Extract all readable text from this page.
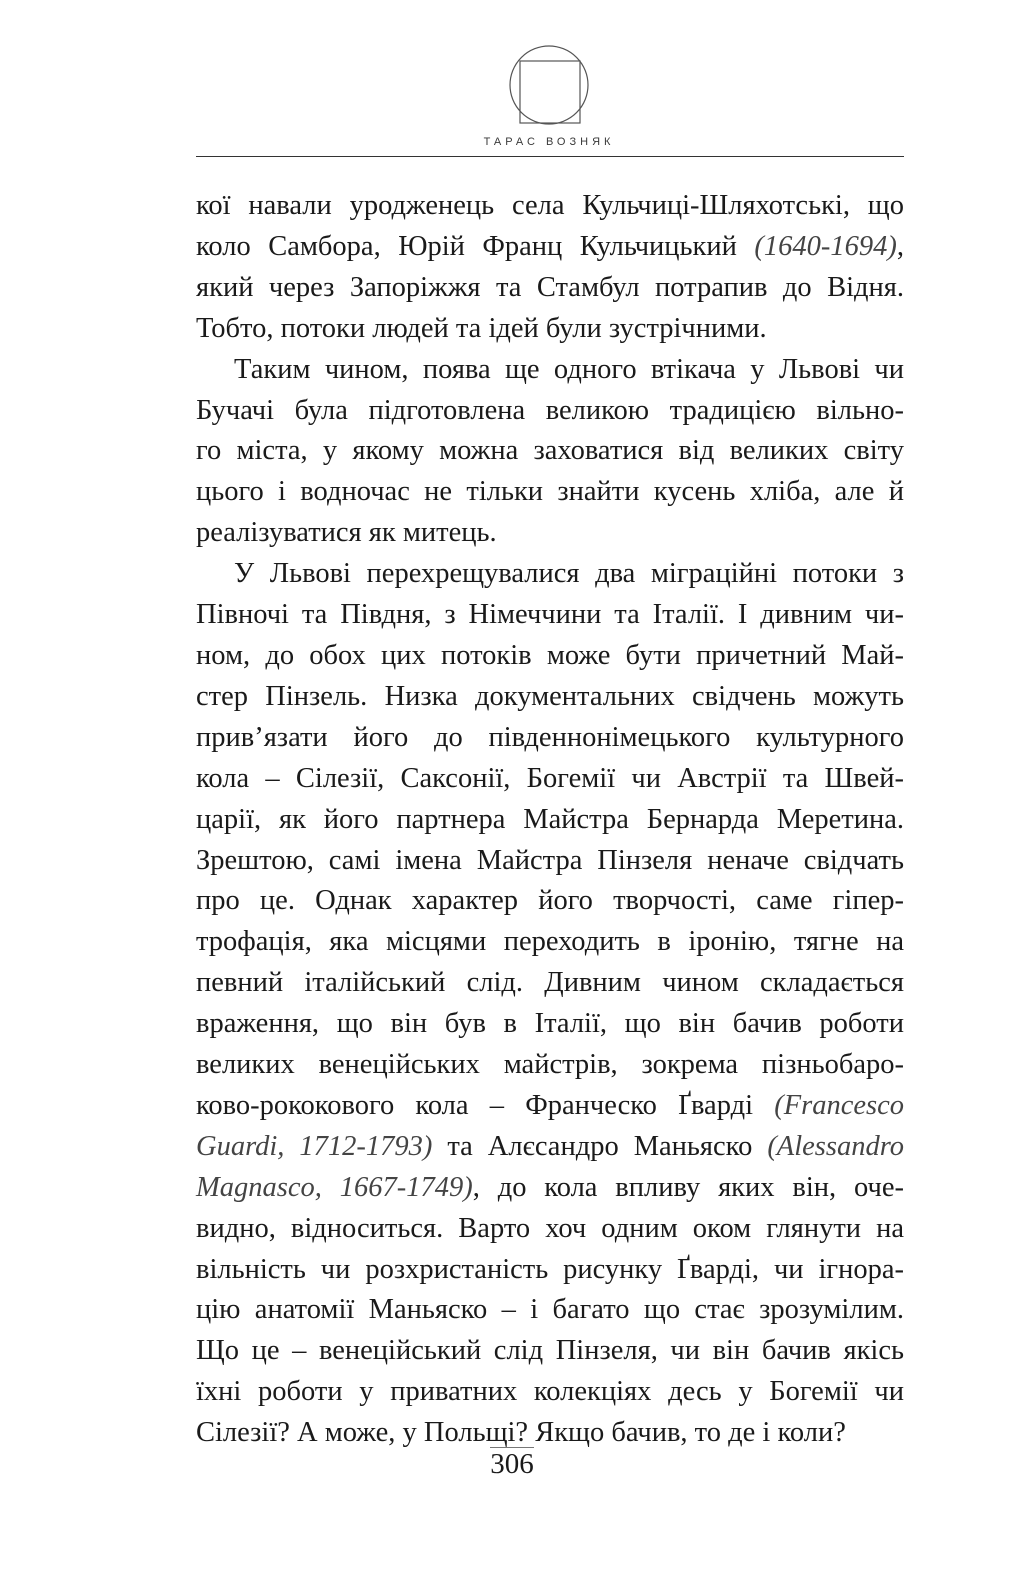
ТАРАС ВОЗНЯК
кої навали уродженець села Кульчиці-Шляхотські, що
коло Самбора, Юрій Франц Кульчицький (1640-1694),
який через Запоріжжя та Стамбул потрапив до Відня.
Тобто, потоки людей та ідей були зустрічними.
Таким чином, поява ще одного втікача у Львові чи
Бучачі була підготовлена великою традицією вільно-
го міста, у якому можна заховатися від великих світу
цього і водночас не тільки знайти кусень хліба, але й
реалізуватися як митець.
У Львові перехрещувалися два міграційні потоки з
Півночі та Півдня, з Німеччини та Італії. І дивним чи-
ном, до обох цих потоків може бути причетний Май-
стер Пінзель. Низка документальних свідчень можуть
прив’язати його до південнонімецького культурного
кола – Сілезії, Саксонії, Богемії чи Австрії та Швей-
царії, як його партнера Майстра Бернарда Меретина.
Зрештою, самі імена Майстра Пінзеля неначе свідчать
про це. Однак характер його творчості, саме гіпер-
трофація, яка місцями переходить в іронію, тягне на
певний італійський слід. Дивним чином складається
враження, що він був в Італії, що він бачив роботи
великих венеційських майстрів, зокрема пізньобаро-
ково-рококового кола – Франческо Ґварді (Francesco
Guardi, 1712-1793) та Алєсандро Маньяско (Alessandro
Magnasco, 1667-1749), до кола впливу яких він, оче-
видно, відноситься. Варто хоч одним оком глянути на
вільність чи розхристаність рисунку Ґварді, чи ігнора-
цію анатомії Маньяско – і багато що стає зрозумілим.
Що це – венеційський слід Пінзеля, чи він бачив якісь
їхні роботи у приватних колекціях десь у Богемії чи
Сілезії? А може, у Польщі? Якщо бачив, то де і коли?
306
